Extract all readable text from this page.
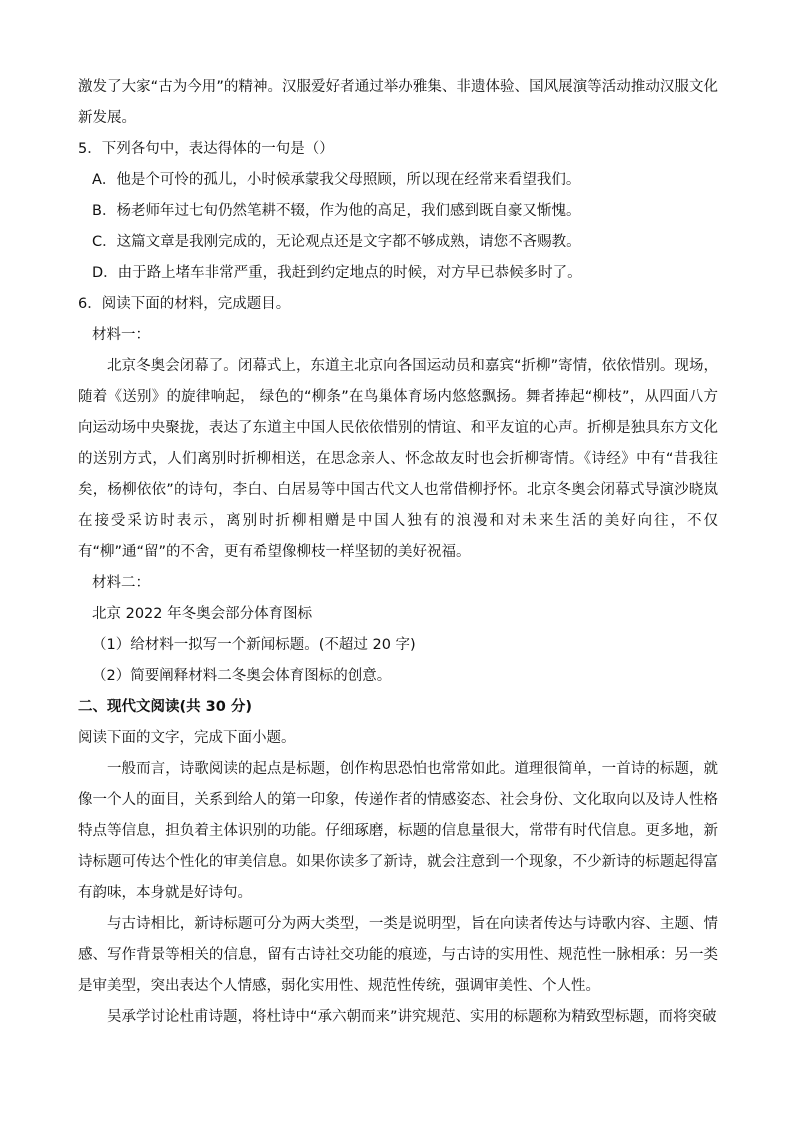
激发了大家“古为今用”的精神。汉服爱好者通过举办雅集、非遗体验、国风展演等活动推动汉服文化新发展。

5．下列各句中，表达得体的一句是（）

A．他是个可怜的孤儿，小时候承蒙我父母照顾，所以现在经常来看望我们。

B．杨老师年过七旬仍然笔耕不辍，作为他的高足，我们感到既自豪又惭愧。

C．这篇文章是我刚完成的，无论观点还是文字都不够成熟，请您不吝赐教。

D．由于路上堵车非常严重，我赶到约定地点的时候，对方早已恭候多时了。

6．阅读下面的材料，完成题目。

材料一：

北京冬奥会闭幕了。闭幕式上，东道主北京向各国运动员和嘉宾“折柳”寄情，依依惜别。现场，随着《送别》的旋律响起， 绿色的“柳条”在鸟巢体育场内悠悠飘扬。舞者捧起“柳枝”，从四面八方向运动场中央聚拢，表达了东道主中国人民依依惜别的情谊、和平友谊的心声。折柳是独具东方文化的送别方式，人们离别时折柳相送，在思念亲人、怀念故友时也会折柳寄情。《诗经》中有“昔我往矣，杨柳依依”的诗句，李白、白居易等中国古代文人也常借柳抒怀。北京冬奥会闭幕式导演沙晓岚在接受采访时表示，离别时折柳相赠是中国人独有的浪漫和对未来生活的美好向往，不仅有“柳”通“留”的不舍，更有希望像柳枝一样坚韧的美好祝福。

材料二：

北京 2022 年冬奥会部分体育图标

（1）给材料一拟写一个新闻标题。(不超过 20 字)

（2）简要阐释材料二冬奥会体育图标的创意。

二、现代文阅读(共 30 分)

阅读下面的文字，完成下面小题。

一般而言，诗歌阅读的起点是标题，创作构思恐怕也常常如此。道理很简单，一首诗的标题，就像一个人的面目，关系到给人的第一印象，传递作者的情感姿态、社会身份、文化取向以及诗人性格特点等信息，担负着主体识别的功能。仔细琢磨，标题的信息量很大，常带有时代信息。更多地，新诗标题可传达个性化的审美信息。如果你读多了新诗，就会注意到一个现象，不少新诗的标题起得富有韵味，本身就是好诗句。

与古诗相比，新诗标题可分为两大类型，一类是说明型，旨在向读者传达与诗歌内容、主题、情感、写作背景等相关的信息，留有古诗社交功能的痕迹，与古诗的实用性、规范性一脉相承：另一类是审美型，突出表达个人情感，弱化实用性、规范性传统，强调审美性、个人性。

吴承学讨论杜甫诗题，将杜诗中“承六朝而来”讲究规范、实用的标题称为精致型标题，而将突破
